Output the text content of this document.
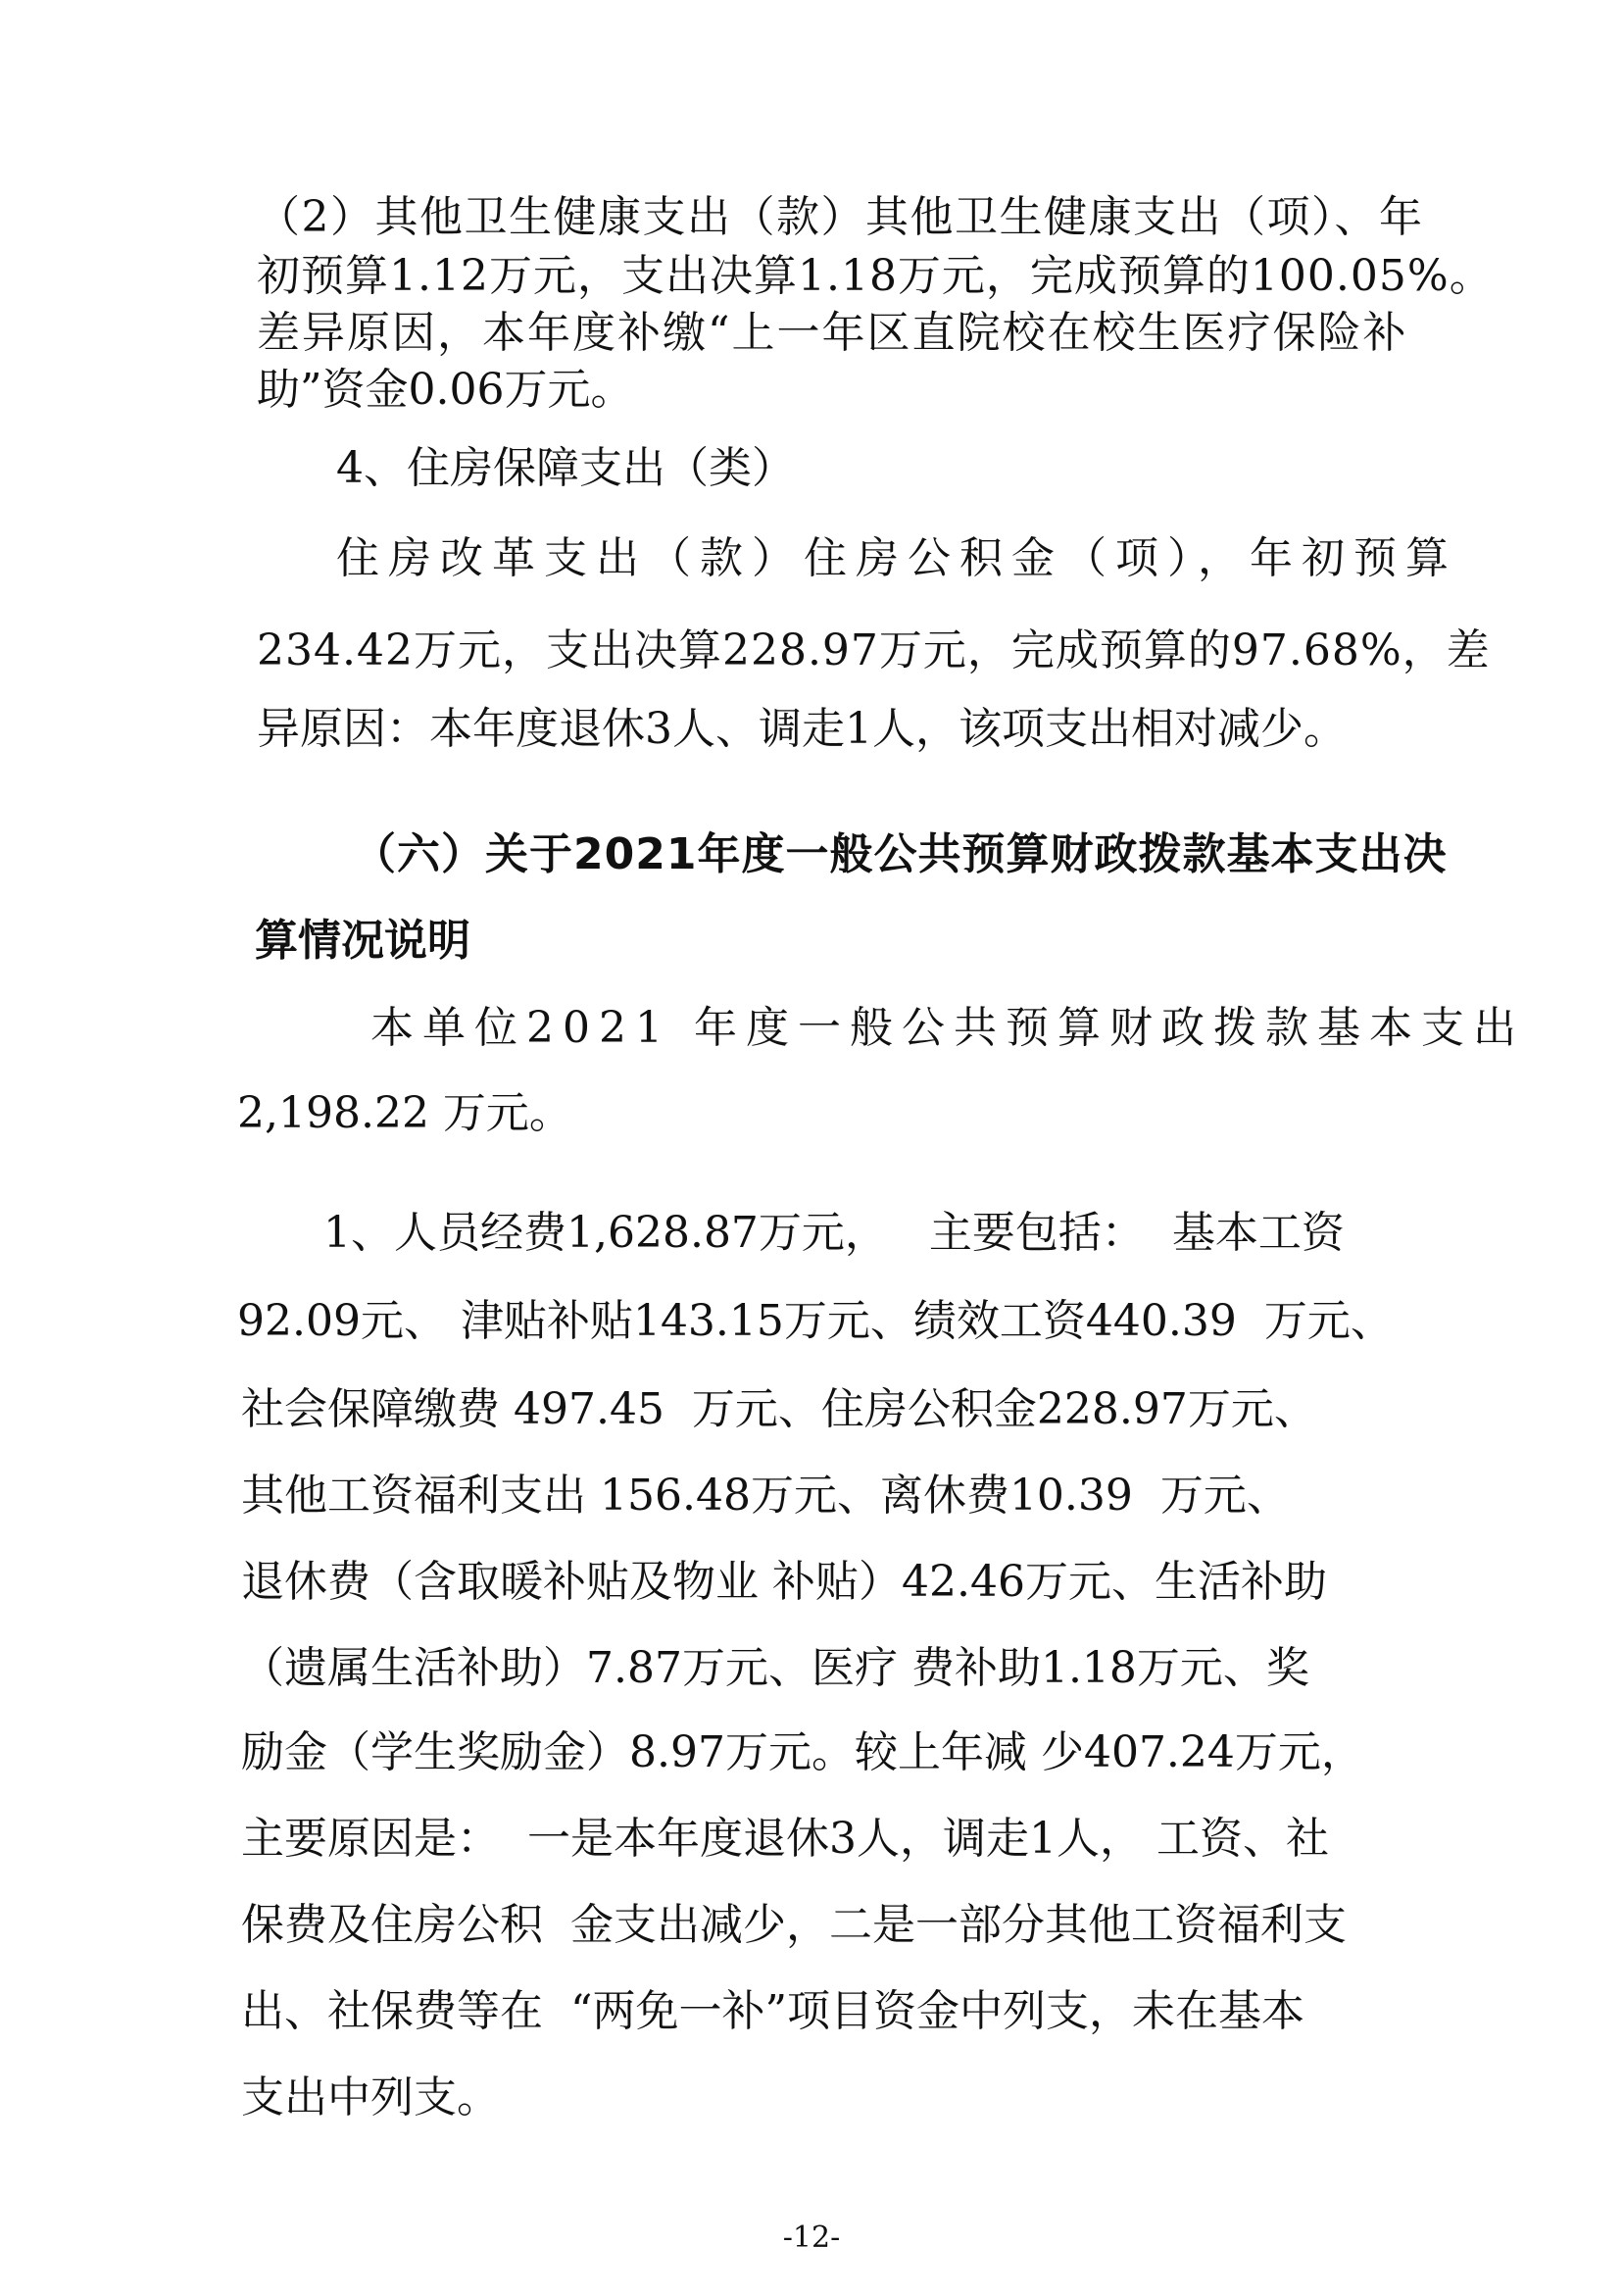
（2）其他卫生健康支出（款）其他卫生健康支出（项）、年
初预算1.12万元，支出决算1.18万元，完成预算的100.05%。
差异原因，本年度补缴“上一年区直院校在校生医疗保险补
助”资金0.06万元。
4、住房保障支出（类）
住房改革支出（款）住房公积金（项），年初预算
234.42万元，支出决算228.97万元，完成预算的97.68%，差
异原因：本年度退休3人、调走1人，该项支出相对减少。
（六）关于2021年度一般公共预算财政拨款基本支出决
算情况说明
本单位2021 年度一般公共预算财政拨款基本支出
2,198.22 万元。
1、人员经费1,628.87万元，   主要包括：  基本工资
92.09元、 津贴补贴143.15万元、绩效工资440.39  万元、
社会保障缴费 497.45  万元、住房公积金228.97万元、
其他工资福利支出 156.48万元、离休费10.39  万元、
退休费（含取暖补贴及物业 补贴）42.46万元、生活补助
（遗属生活补助）7.87万元、医疗 费补助1.18万元、奖
励金（学生奖励金）8.97万元。较上年减 少407.24万元，
主要原因是：  一是本年度退休3人，调走1人， 工资、社
保费及住房公积  金支出减少，二是一部分其他工资福利支
出、社保费等在  “两免一补”项目资金中列支，未在基本
支出中列支。
-12-
